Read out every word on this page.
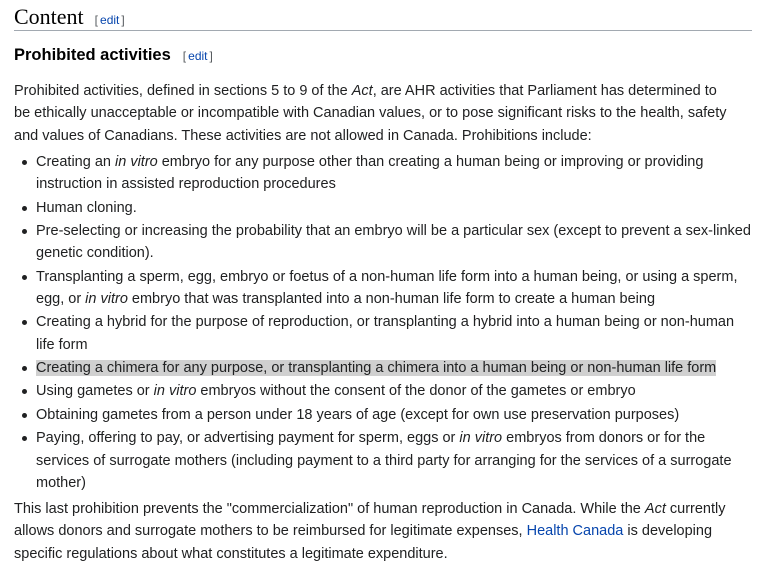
Content [ edit ]
Prohibited activities [ edit ]

Prohibited activities, defined in sections 5 to 9 of the Act, are AHR activities that Parliament has determined to be ethically unacceptable or incompatible with Canadian values, or to pose significant risks to the health, safety and values of Canadians. These activities are not allowed in Canada. Prohibitions include:

Creating an in vitro embryo for any purpose other than creating a human being or improving or providing instruction in assisted reproduction procedures
Human cloning.
Pre-selecting or increasing the probability that an embryo will be a particular sex (except to prevent a sex-linked genetic condition).
Transplanting a sperm, egg, embryo or foetus of a non-human life form into a human being, or using a sperm, egg, or in vitro embryo that was transplanted into a non-human life form to create a human being
Creating a hybrid for the purpose of reproduction, or transplanting a hybrid into a human being or non-human life form
Creating a chimera for any purpose, or transplanting a chimera into a human being or non-human life form
Using gametes or in vitro embryos without the consent of the donor of the gametes or embryo
Obtaining gametes from a person under 18 years of age (except for own use preservation purposes)
Paying, offering to pay, or advertising payment for sperm, eggs or in vitro embryos from donors or for the services of surrogate mothers (including payment to a third party for arranging for the services of a surrogate mother)

This last prohibition prevents the "commercialization" of human reproduction in Canada. While the Act currently allows donors and surrogate mothers to be reimbursed for legitimate expenses, Health Canada is developing specific regulations about what constitutes a legitimate expenditure.
